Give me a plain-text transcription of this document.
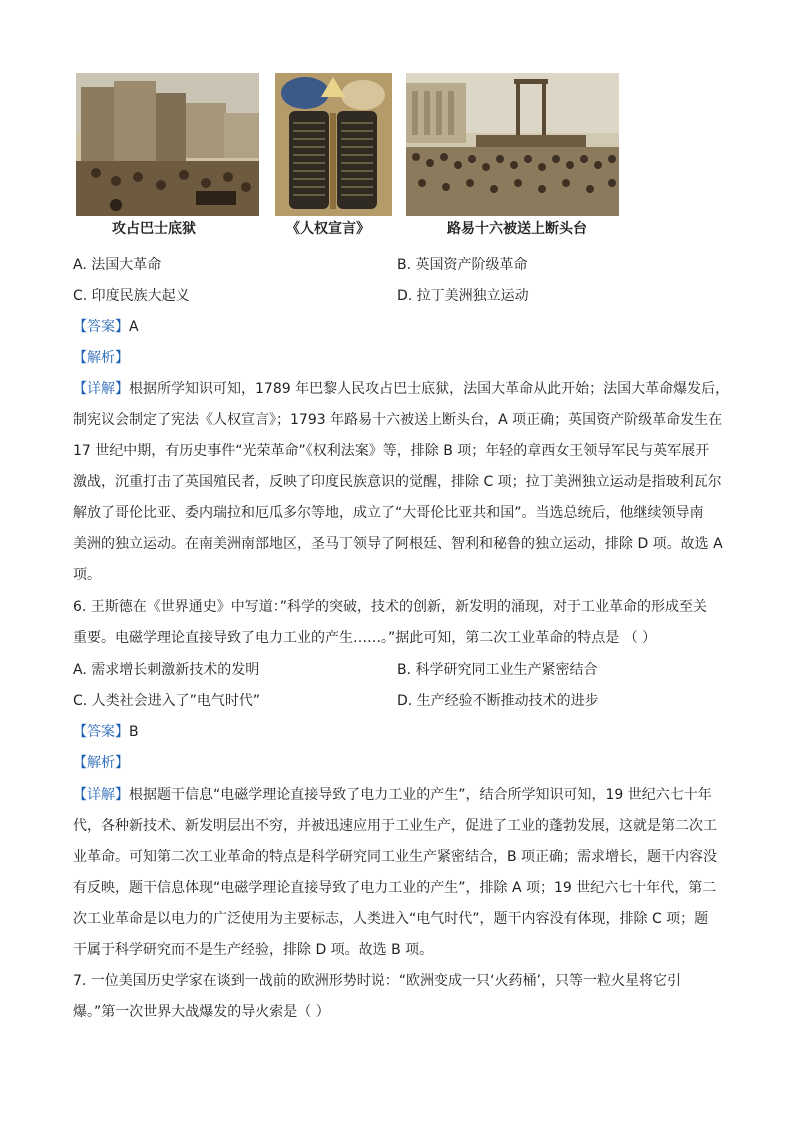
攻占巴士底狱	《人权宣言》	路易十六被送上断头台
A. 法国大革命	B. 英国资产阶级革命
C. 印度民族大起义	D. 拉丁美洲独立运动
【答案】A
【解析】
【详解】根据所学知识可知，1789 年巴黎人民攻占巴士底狱，法国大革命从此开始；法国大革命爆发后，
制宪议会制定了宪法《人权宣言》；1793 年路易十六被送上断头台，A 项正确；英国资产阶级革命发生在
17 世纪中期，有历史事件“光荣革命”《权利法案》等，排除 B 项；年轻的章西女王领导军民与英军展开
激战，沉重打击了英国殖民者，反映了印度民族意识的觉醒，排除 C 项；拉丁美洲独立运动是指玻利瓦尔
解放了哥伦比亚、委内瑞拉和厄瓜多尔等地，成立了“大哥伦比亚共和国”。当选总统后，他继续领导南
美洲的独立运动。在南美洲南部地区，圣马丁领导了阿根廷、智利和秘鲁的独立运动，排除 D 项。故选 A
项。
6. 王斯德在《世界通史》中写道：”科学的突破，技术的创新，新发明的涌现，对于工业革命的形成至关
重要。电磁学理论直接导致了电力工业的产生……。”据此可知，第二次工业革命的特点是 （ ）
A. 需求增长刺激新技术的发明	B. 科学研究同工业生产紧密结合
C. 人类社会进入了”电气时代”	D. 生产经验不断推动技术的进步
【答案】B
【解析】
【详解】根据题干信息“电磁学理论直接导致了电力工业的产生”，结合所学知识可知，19 世纪六七十年
代，各种新技术、新发明层出不穷，并被迅速应用于工业生产，促进了工业的蓬勃发展，这就是第二次工
业革命。可知第二次工业革命的特点是科学研究同工业生产紧密结合，B 项正确；需求增长，题干内容没
有反映，题干信息体现“电磁学理论直接导致了电力工业的产生”，排除 A 项；19 世纪六七十年代，第二
次工业革命是以电力的广泛使用为主要标志，人类进入“电气时代”，题干内容没有体现，排除 C 项；题
干属于科学研究而不是生产经验，排除 D 项。故选 B 项。
7. 一位美国历史学家在谈到一战前的欧洲形势时说：“欧洲变成一只‘火药桶’，只等一粒火星将它引
爆。”第一次世界大战爆发的导火索是（ ）
